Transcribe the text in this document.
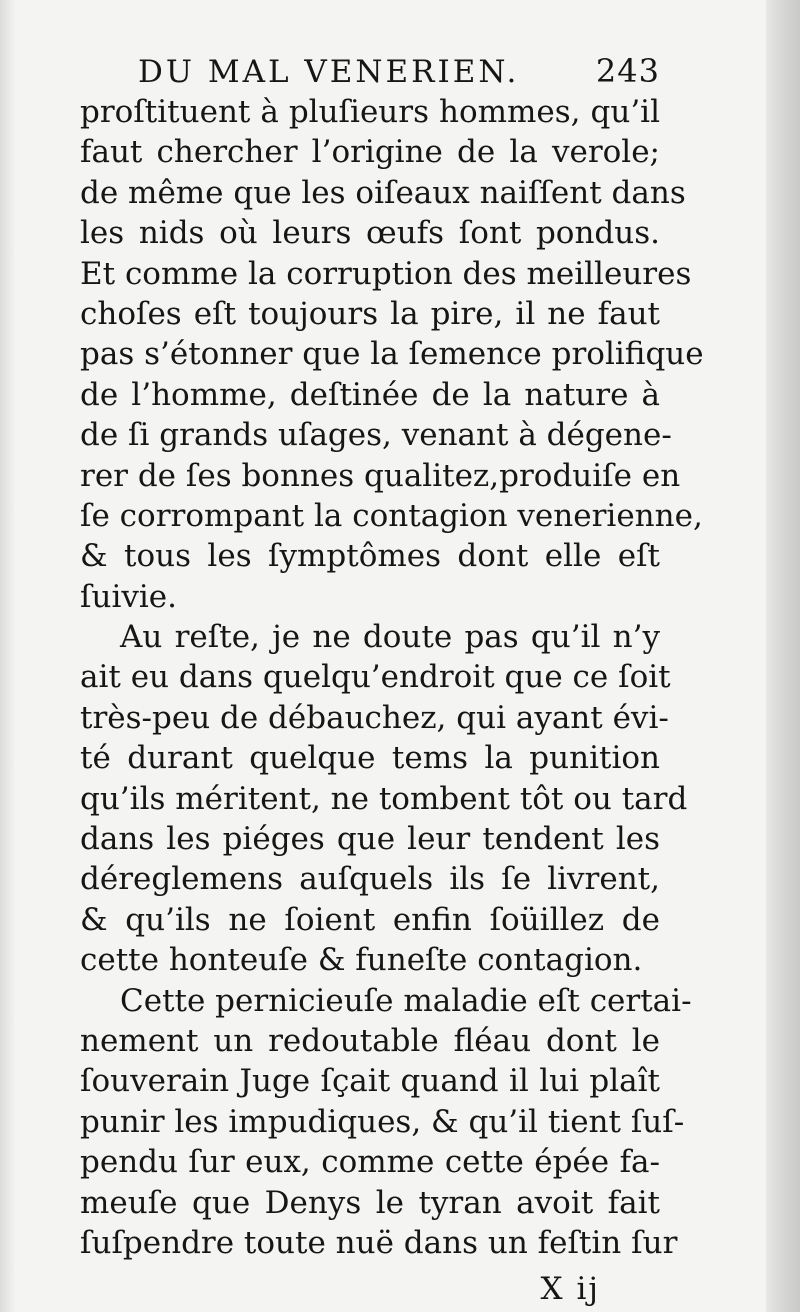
DU MAL VENERIEN. 243
proſtituent à pluſieurs hommes, qu’il
faut chercher l’origine de la verole;
de même que les oiſeaux naiſſent dans
les nids où leurs œufs ſont pondus.
Et comme la corruption des meilleures
choſes eſt toujours la pire, il ne faut
pas s’étonner que la ſemence prolifique
de l’homme, deſtinée de la nature à
de ſi grands uſages, venant à dégene-
rer de ſes bonnes qualitez,produiſe en
ſe corrompant la contagion venerienne,
& tous les ſymptômes dont elle eſt
ſuivie.
Au reſte, je ne doute pas qu’il n’y
ait eu dans quelqu’endroit que ce ſoit
très-peu de débauchez, qui ayant évi-
té durant quelque tems la punition
qu’ils méritent, ne tombent tôt ou tard
dans les piéges que leur tendent les
déreglemens auſquels ils ſe livrent,
& qu’ils ne ſoient enfin ſoüillez de
cette honteuſe & funeſte contagion.
Cette pernicieuſe maladie eſt certai-
nement un redoutable fléau dont le
ſouverain Juge ſçait quand il lui plaît
punir les impudiques, & qu’il tient ſuſ-
pendu ſur eux, comme cette épée fa-
meuſe que Denys le tyran avoit fait
ſuſpendre toute nuë dans un feſtin ſur
X ij
